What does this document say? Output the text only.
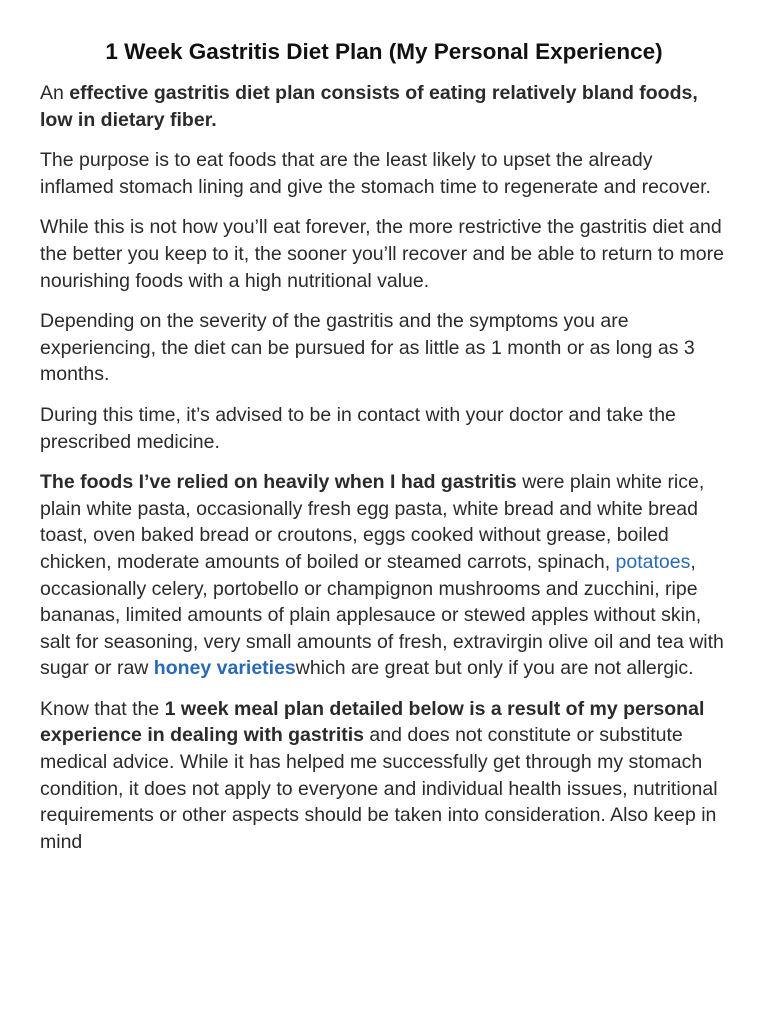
1 Week Gastritis Diet Plan (My Personal Experience)

An effective gastritis diet plan consists of eating relatively bland foods, low in dietary fiber.

The purpose is to eat foods that are the least likely to upset the already inflamed stomach lining and give the stomach time to regenerate and recover.

While this is not how you’ll eat forever, the more restrictive the gastritis diet and the better you keep to it, the sooner you’ll recover and be able to return to more nourishing foods with a high nutritional value.

Depending on the severity of the gastritis and the symptoms you are experiencing, the diet can be pursued for as little as 1 month or as long as 3 months.

During this time, it’s advised to be in contact with your doctor and take the prescribed medicine.

The foods I’ve relied on heavily when I had gastritis were plain white rice, plain white pasta, occasionally fresh egg pasta, white bread and white bread toast, oven baked bread or croutons, eggs cooked without grease, boiled chicken, moderate amounts of boiled or steamed carrots, spinach, potatoes, occasionally celery, portobello or champignon mushrooms and zucchini, ripe bananas, limited amounts of plain applesauce or stewed apples without skin, salt for seasoning, very small amounts of fresh, extravirgin olive oil and tea with sugar or raw honey varietieswhich are great but only if you are not allergic.

Know that the 1 week meal plan detailed below is a result of my personal experience in dealing with gastritis and does not constitute or substitute medical advice. While it has helped me successfully get through my stomach condition, it does not apply to everyone and individual health issues, nutritional requirements or other aspects should be taken into consideration. Also keep in mind
